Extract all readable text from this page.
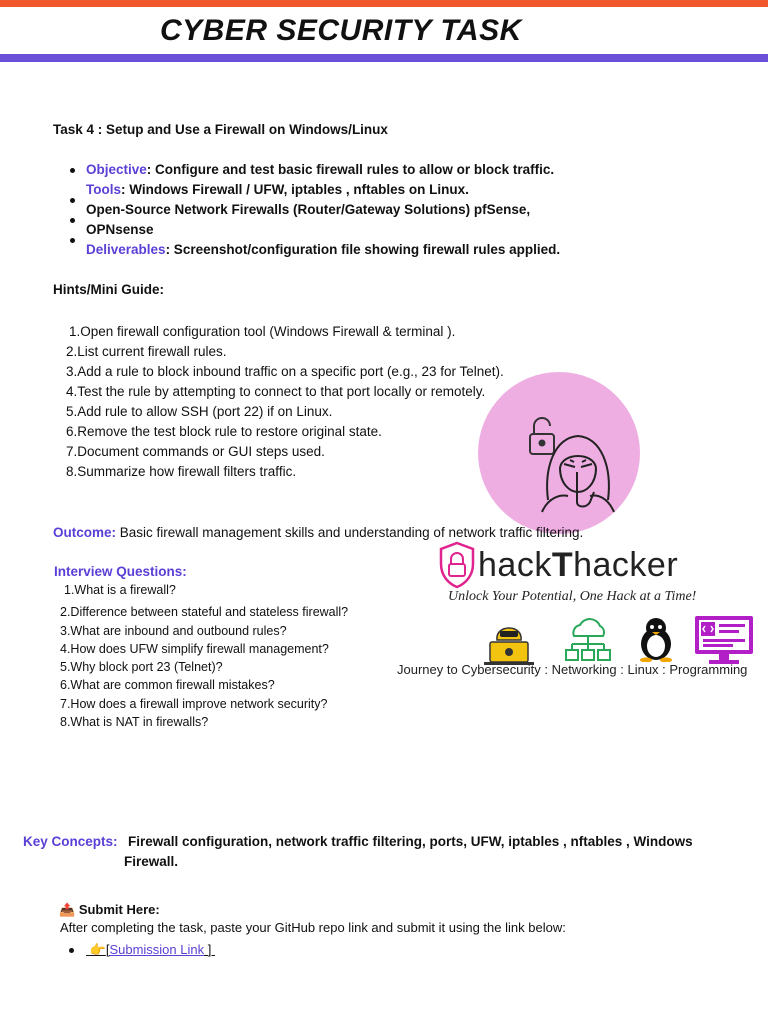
CYBER SECURITY TASK
Task 4 : Setup and Use a Firewall on Windows/Linux
Objective: Configure and test basic firewall rules to allow or block traffic.
Tools: Windows Firewall / UFW, iptables , nftables on Linux.
Open-Source Network Firewalls (Router/Gateway Solutions) pfSense,
OPNsense
Deliverables: Screenshot/configuration file showing firewall rules applied.
Hints/Mini Guide:
1.Open firewall configuration tool (Windows Firewall & terminal ).
2.List current firewall rules.
3.Add a rule to block inbound traffic on a specific port (e.g., 23 for Telnet).
4.Test the rule by attempting to connect to that port locally or remotely.
5.Add rule to allow SSH (port 22) if on Linux.
6.Remove the test block rule to restore original state.
7.Document commands or GUI steps used.
8.Summarize how firewall filters traffic.
hackThacker
Unlock Your Potential, One Hack at a Time!
Journey to Cybersecurity : Networking : Linux : Programming
Outcome: Basic firewall management skills and understanding of network traffic filtering.
Interview Questions:
1.What is a firewall?
2.Difference between stateful and stateless firewall?
3.What are inbound and outbound rules?
4.How does UFW simplify firewall management?
5.Why block port 23 (Telnet)?
6.What are common firewall mistakes?
7.How does a firewall improve network security?
8.What is NAT in firewalls?
Key Concepts: Firewall configuration, network traffic filtering, ports, UFW, iptables , nftables , Windows
Firewall.
📤 Submit Here:
After completing the task, paste your GitHub repo link and submit it using the link below:
👉[Submission Link ]
